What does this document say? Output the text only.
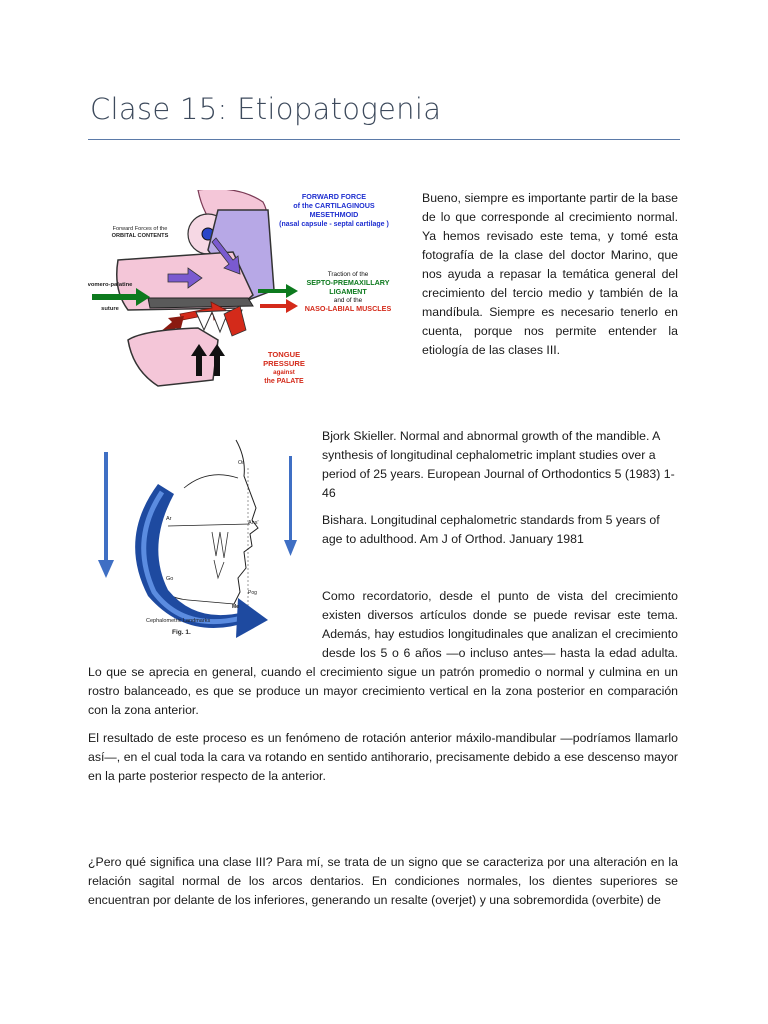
Clase 15: Etiopatogenia
FORWARD FORCE
of the CARTILAGINOUS
MESETHMOID
(nasal capsule - septal cartilage )
Forward Forces of the
ORBITAL CONTENTS
Traction of the
SEPTO-PREMAXILLARY
LIGAMENT
and of the
NASO-LABIAL MUSCLES
vomero-palatine
suture
TONGUE
PRESSURE
against
the PALATE

Bueno, siempre es importante partir de la base de lo que corresponde al crecimiento normal. Ya hemos revisado este tema, y tomé esta fotografía de la clase del doctor Marino, que nos ayuda a repasar la temática general del crecimiento del tercio medio y también de la mandíbula. Siempre es necesario tenerlo en cuenta, porque nos permite entender la etiología de las clases III.

Or
Ar
Go
Ans'
Pog
Me
Cephalometric Landmarks
Fig. 1.

Bjork Skieller. Normal and abnormal growth of the mandible. A synthesis of longitudinal cephalometric implant studies over a period of 25 years. European Journal of Orthodontics 5 (1983) 1-46

Bishara. Longitudinal cephalometric standards from 5 years of age to adulthood. Am J of Orthod. January 1981

Como recordatorio, desde el punto de vista del crecimiento existen diversos artículos donde se puede revisar este tema. Además, hay estudios longitudinales que analizan el crecimiento desde los 5 o 6 años —o incluso antes— hasta la edad adulta. Lo que se aprecia en general, cuando el crecimiento sigue un patrón promedio o normal y culmina en un rostro balanceado, es que se produce un mayor crecimiento vertical en la zona posterior en comparación con la zona anterior.

El resultado de este proceso es un fenómeno de rotación anterior máxilo-mandibular —podríamos llamarlo así—, en el cual toda la cara va rotando en sentido antihorario, precisamente debido a ese descenso mayor en la parte posterior respecto de la anterior.

¿Pero qué significa una clase III? Para mí, se trata de un signo que se caracteriza por una alteración en la relación sagital normal de los arcos dentarios. En condiciones normales, los dientes superiores se encuentran por delante de los inferiores, generando un resalte (overjet) y una sobremordida (overbite) de
